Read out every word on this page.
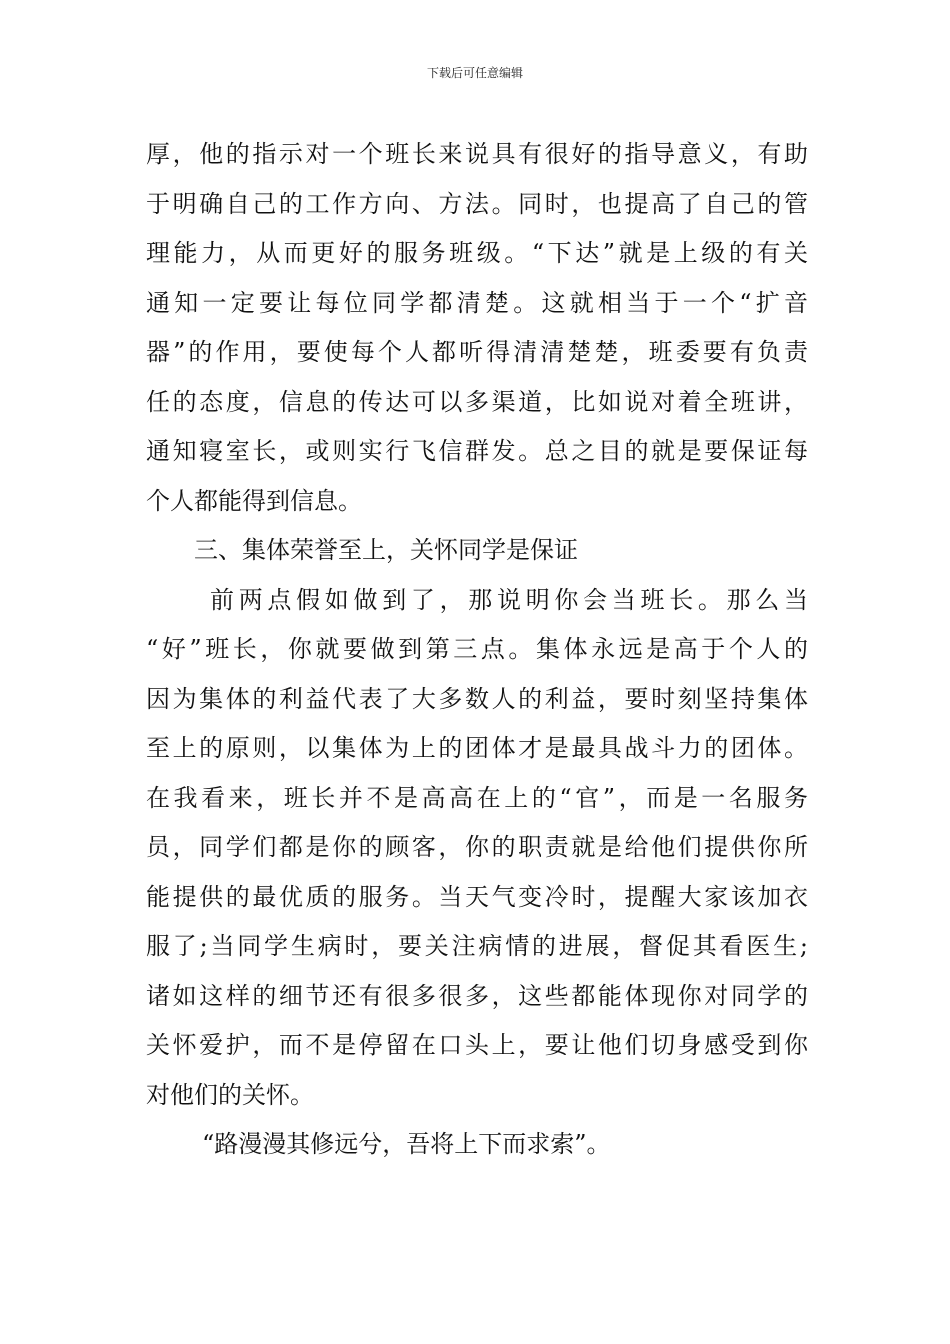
下载后可任意编辑
厚，他的指示对一个班长来说具有很好的指导意义，有助
于明确自己的工作方向、方法。同时，也提高了自己的管
理能力，从而更好的服务班级。“下达”就是上级的有关
通知一定要让每位同学都清楚。这就相当于一个“扩音
器”的作用，要使每个人都听得清清楚楚，班委要有负责
任的态度，信息的传达可以多渠道，比如说对着全班讲，
通知寝室长，或则实行飞信群发。总之目的就是要保证每
个人都能得到信息。
三、集体荣誉至上，关怀同学是保证
前两点假如做到了，那说明你会当班长。那么当
“好”班长，你就要做到第三点。集体永远是高于个人的
因为集体的利益代表了大多数人的利益，要时刻坚持集体
至上的原则，以集体为上的团体才是最具战斗力的团体。
在我看来，班长并不是高高在上的“官”，而是一名服务
员，同学们都是你的顾客，你的职责就是给他们提供你所
能提供的最优质的服务。当天气变冷时，提醒大家该加衣
服了;当同学生病时，要关注病情的进展，督促其看医生;
诸如这样的细节还有很多很多，这些都能体现你对同学的
关怀爱护，而不是停留在口头上，要让他们切身感受到你
对他们的关怀。
“路漫漫其修远兮，吾将上下而求索”。
